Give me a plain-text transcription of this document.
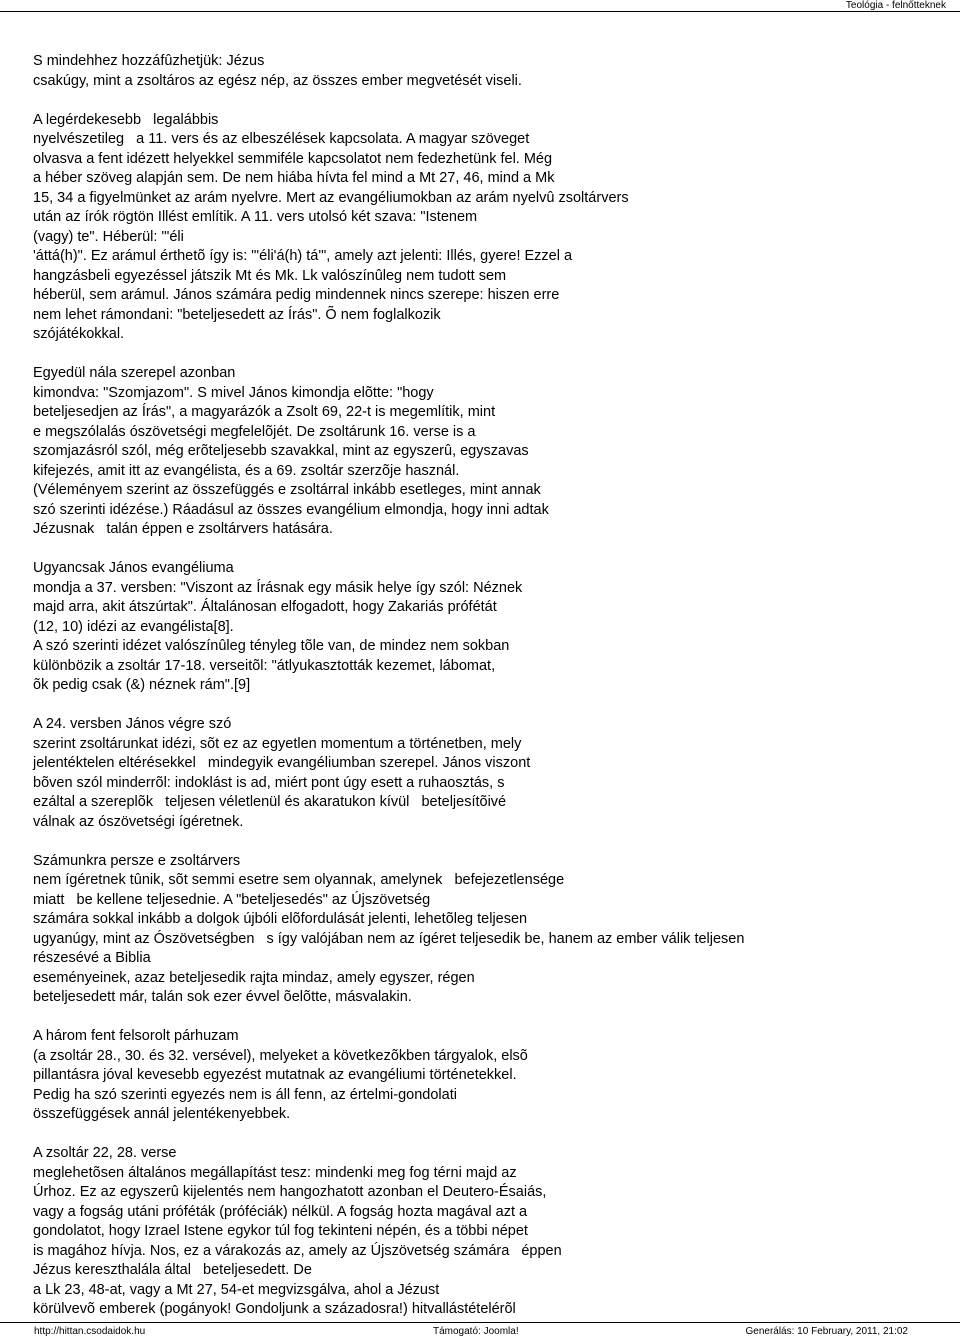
Teológia - felnőtteknek
S mindehhez hozzáfûzhetjük: Jézus
csakúgy, mint a zsoltáros az egész nép, az összes ember megvetését viseli.
A legérdekesebb   legalábbis
nyelvészetileg   a 11. vers és az elbeszélések kapcsolata. A magyar szöveget
olvasva a fent idézett helyekkel semmiféle kapcsolatot nem fedezhetünk fel. Még
a héber szöveg alapján sem. De nem hiába hívta fel mind a Mt 27, 46, mind a Mk
15, 34 a figyelmünket az arám nyelvre. Mert az evangéliumokban az arám nyelvû zsoltárvers
után az írók rögtön Illést említik. A 11. vers utolsó két szava: "Istenem
(vagy) te". Héberül: "'éli
'áttá(h)". Ez arámul érthetõ így is: "'éli'á(h) tá'", amely azt jelenti: Illés, gyere! Ezzel a
hangzásbeli egyezéssel játszik Mt és Mk. Lk valószínûleg nem tudott sem
héberül, sem arámul. János számára pedig mindennek nincs szerepe: hiszen erre
nem lehet rámondani: "beteljesedett az Írás". Õ nem foglalkozik
szójátékokkal.
Egyedül nála szerepel azonban
kimondva: "Szomjazom". S mivel János kimondja elõtte: "hogy
beteljesedjen az Írás", a magyarázók a Zsolt 69, 22-t is megemlítik, mint
e megszólalás ószövetségi megfelelõjét. De zsoltárunk 16. verse is a
szomjazásról szól, még erõteljesebb szavakkal, mint az egyszerû, egyszavas
kifejezés, amit itt az evangélista, és a 69. zsoltár szerzõje használ.
(Véleményem szerint az összefüggés e zsoltárral inkább esetleges, mint annak
szó szerinti idézése.) Ráadásul az összes evangélium elmondja, hogy inni adtak
Jézusnak   talán éppen e zsoltárvers hatására.
Ugyancsak János evangéliuma
mondja a 37. versben: "Viszont az Írásnak egy másik helye így szól: Néznek
majd arra, akit átszúrtak". Általánosan elfogadott, hogy Zakariás prófétát
(12, 10) idézi az evangélista[8].
A szó szerinti idézet valószínûleg tényleg tõle van, de mindez nem sokban
különbözik a zsoltár 17-18. verseitõl: "átlyukasztották kezemet, lábomat,
õk pedig csak (&) néznek rám".[9]
A 24. versben János végre szó
szerint zsoltárunkat idézi, sõt ez az egyetlen momentum a történetben, mely
jelentéktelen eltérésekkel   mindegyik evangéliumban szerepel. János viszont
bõven szól minderrõl: indoklást is ad, miért pont úgy esett a ruhaosztás, s
ezáltal a szereplõk   teljesen véletlenül és akaratukon kívül   beteljesítõivé
válnak az ószövetségi ígéretnek.
Számunkra persze e zsoltárvers
nem ígéretnek tûnik, sõt semmi esetre sem olyannak, amelynek   befejezetlensége
miatt   be kellene teljesednie. A "beteljesedés" az Újszövetség
számára sokkal inkább a dolgok újbóli elõfordulását jelenti, lehetõleg teljesen
ugyanúgy, mint az Ószövetségben   s így valójában nem az ígéret teljesedik be, hanem az ember válik teljesen
részesévé a Biblia
eseményeinek, azaz beteljesedik rajta mindaz, amely egyszer, régen
beteljesedett már, talán sok ezer évvel õelõtte, másvalakin.
A három fent felsorolt párhuzam
(a zsoltár 28., 30. és 32. versével), melyeket a következõkben tárgyalok, elsõ
pillantásra jóval kevesebb egyezést mutatnak az evangéliumi történetekkel.
Pedig ha szó szerinti egyezés nem is áll fenn, az értelmi-gondolati
összefüggések annál jelentékenyebbek.
A zsoltár 22, 28. verse
meglehetõsen általános megállapítást tesz: mindenki meg fog térni majd az
Úrhoz. Ez az egyszerû kijelentés nem hangozhatott azonban el Deutero-Ésaiás,
vagy a fogság utáni próféták (próféciák) nélkül. A fogság hozta magával azt a
gondolatot, hogy Izrael Istene egykor túl fog tekinteni népén, és a többi népet
is magához hívja. Nos, ez a várakozás az, amely az Újszövetség számára   éppen
Jézus kereszthalála által   beteljesedett. De
a Lk 23, 48-at, vagy a Mt 27, 54-et megvizsgálva, ahol a Jézust
körülvevõ emberek (pogányok! Gondoljunk a századosra!) hitvallástételérõl
http://hittan.csodaidok.hu	Támogató: Joomla!	Generálás: 10 February, 2011, 21:02
